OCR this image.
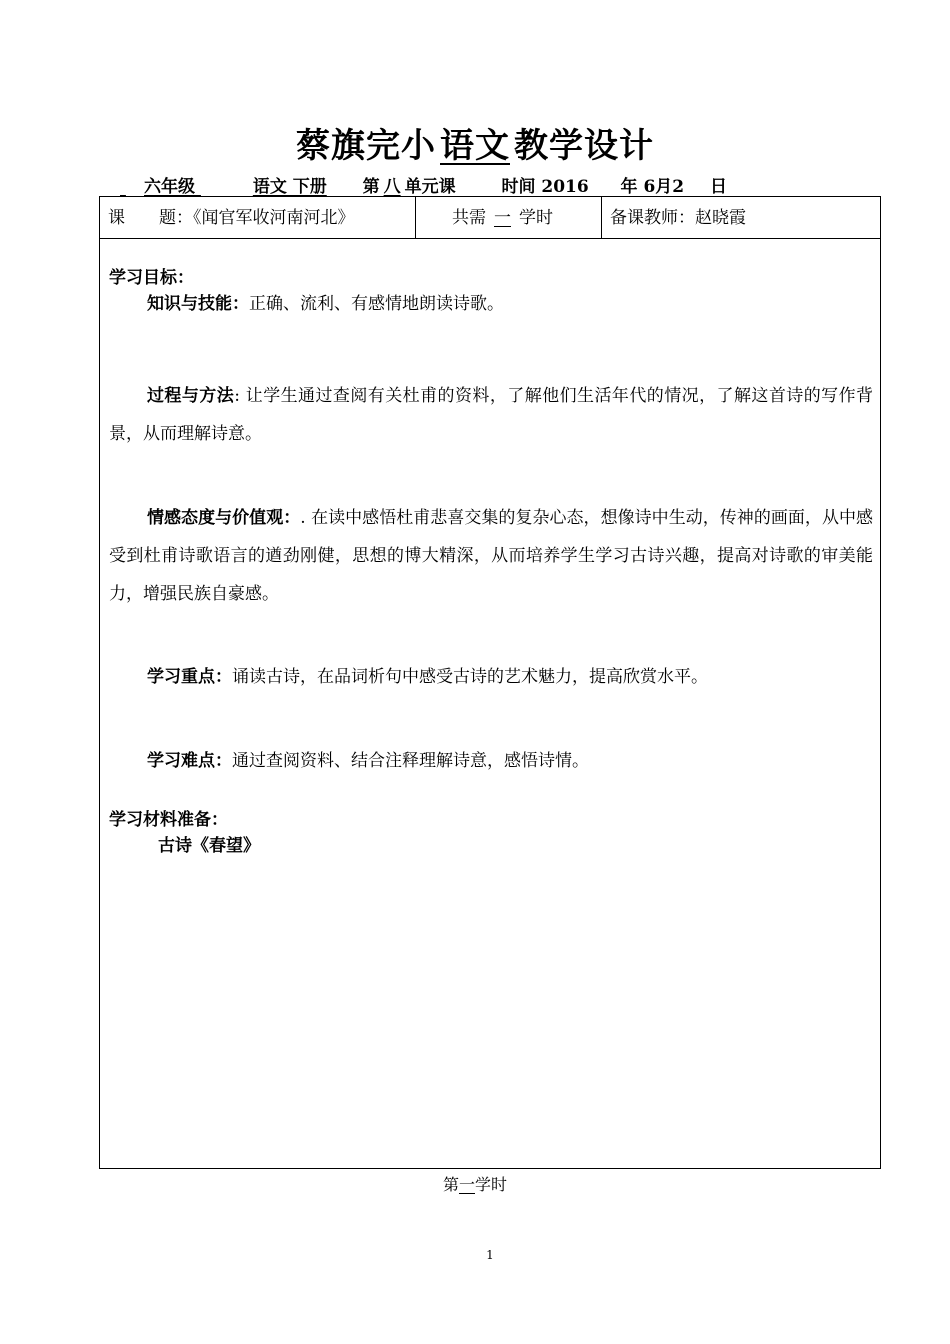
蔡旗完小 语文 教学设计
六年级	语文 下册 第 八 单元课	时间 2016 年 6月2 日
课　　题：《闻官军收河南河北》	共需 一 学时	备课教师：赵晓霞
学习目标：
知识与技能：正确、流利、有感情地朗读诗歌。
过程与方法: 让学生通过查阅有关杜甫的资料，了解他们生活年代的情况，了解这首诗的写作背景，从而理解诗意。
情感态度与价值观：. 在读中感悟杜甫悲喜交集的复杂心态，想像诗中生动，传神的画面，从中感受到杜甫诗歌语言的遒劲刚健，思想的博大精深，从而培养学生学习古诗兴趣，提高对诗歌的审美能力，增强民族自豪感。
学习重点：诵读古诗，在品词析句中感受古诗的艺术魅力，提高欣赏水平。
学习难点：通过查阅资料、结合注释理解诗意，感悟诗情。
学习材料准备：
古诗《春望》
第一学时
1
